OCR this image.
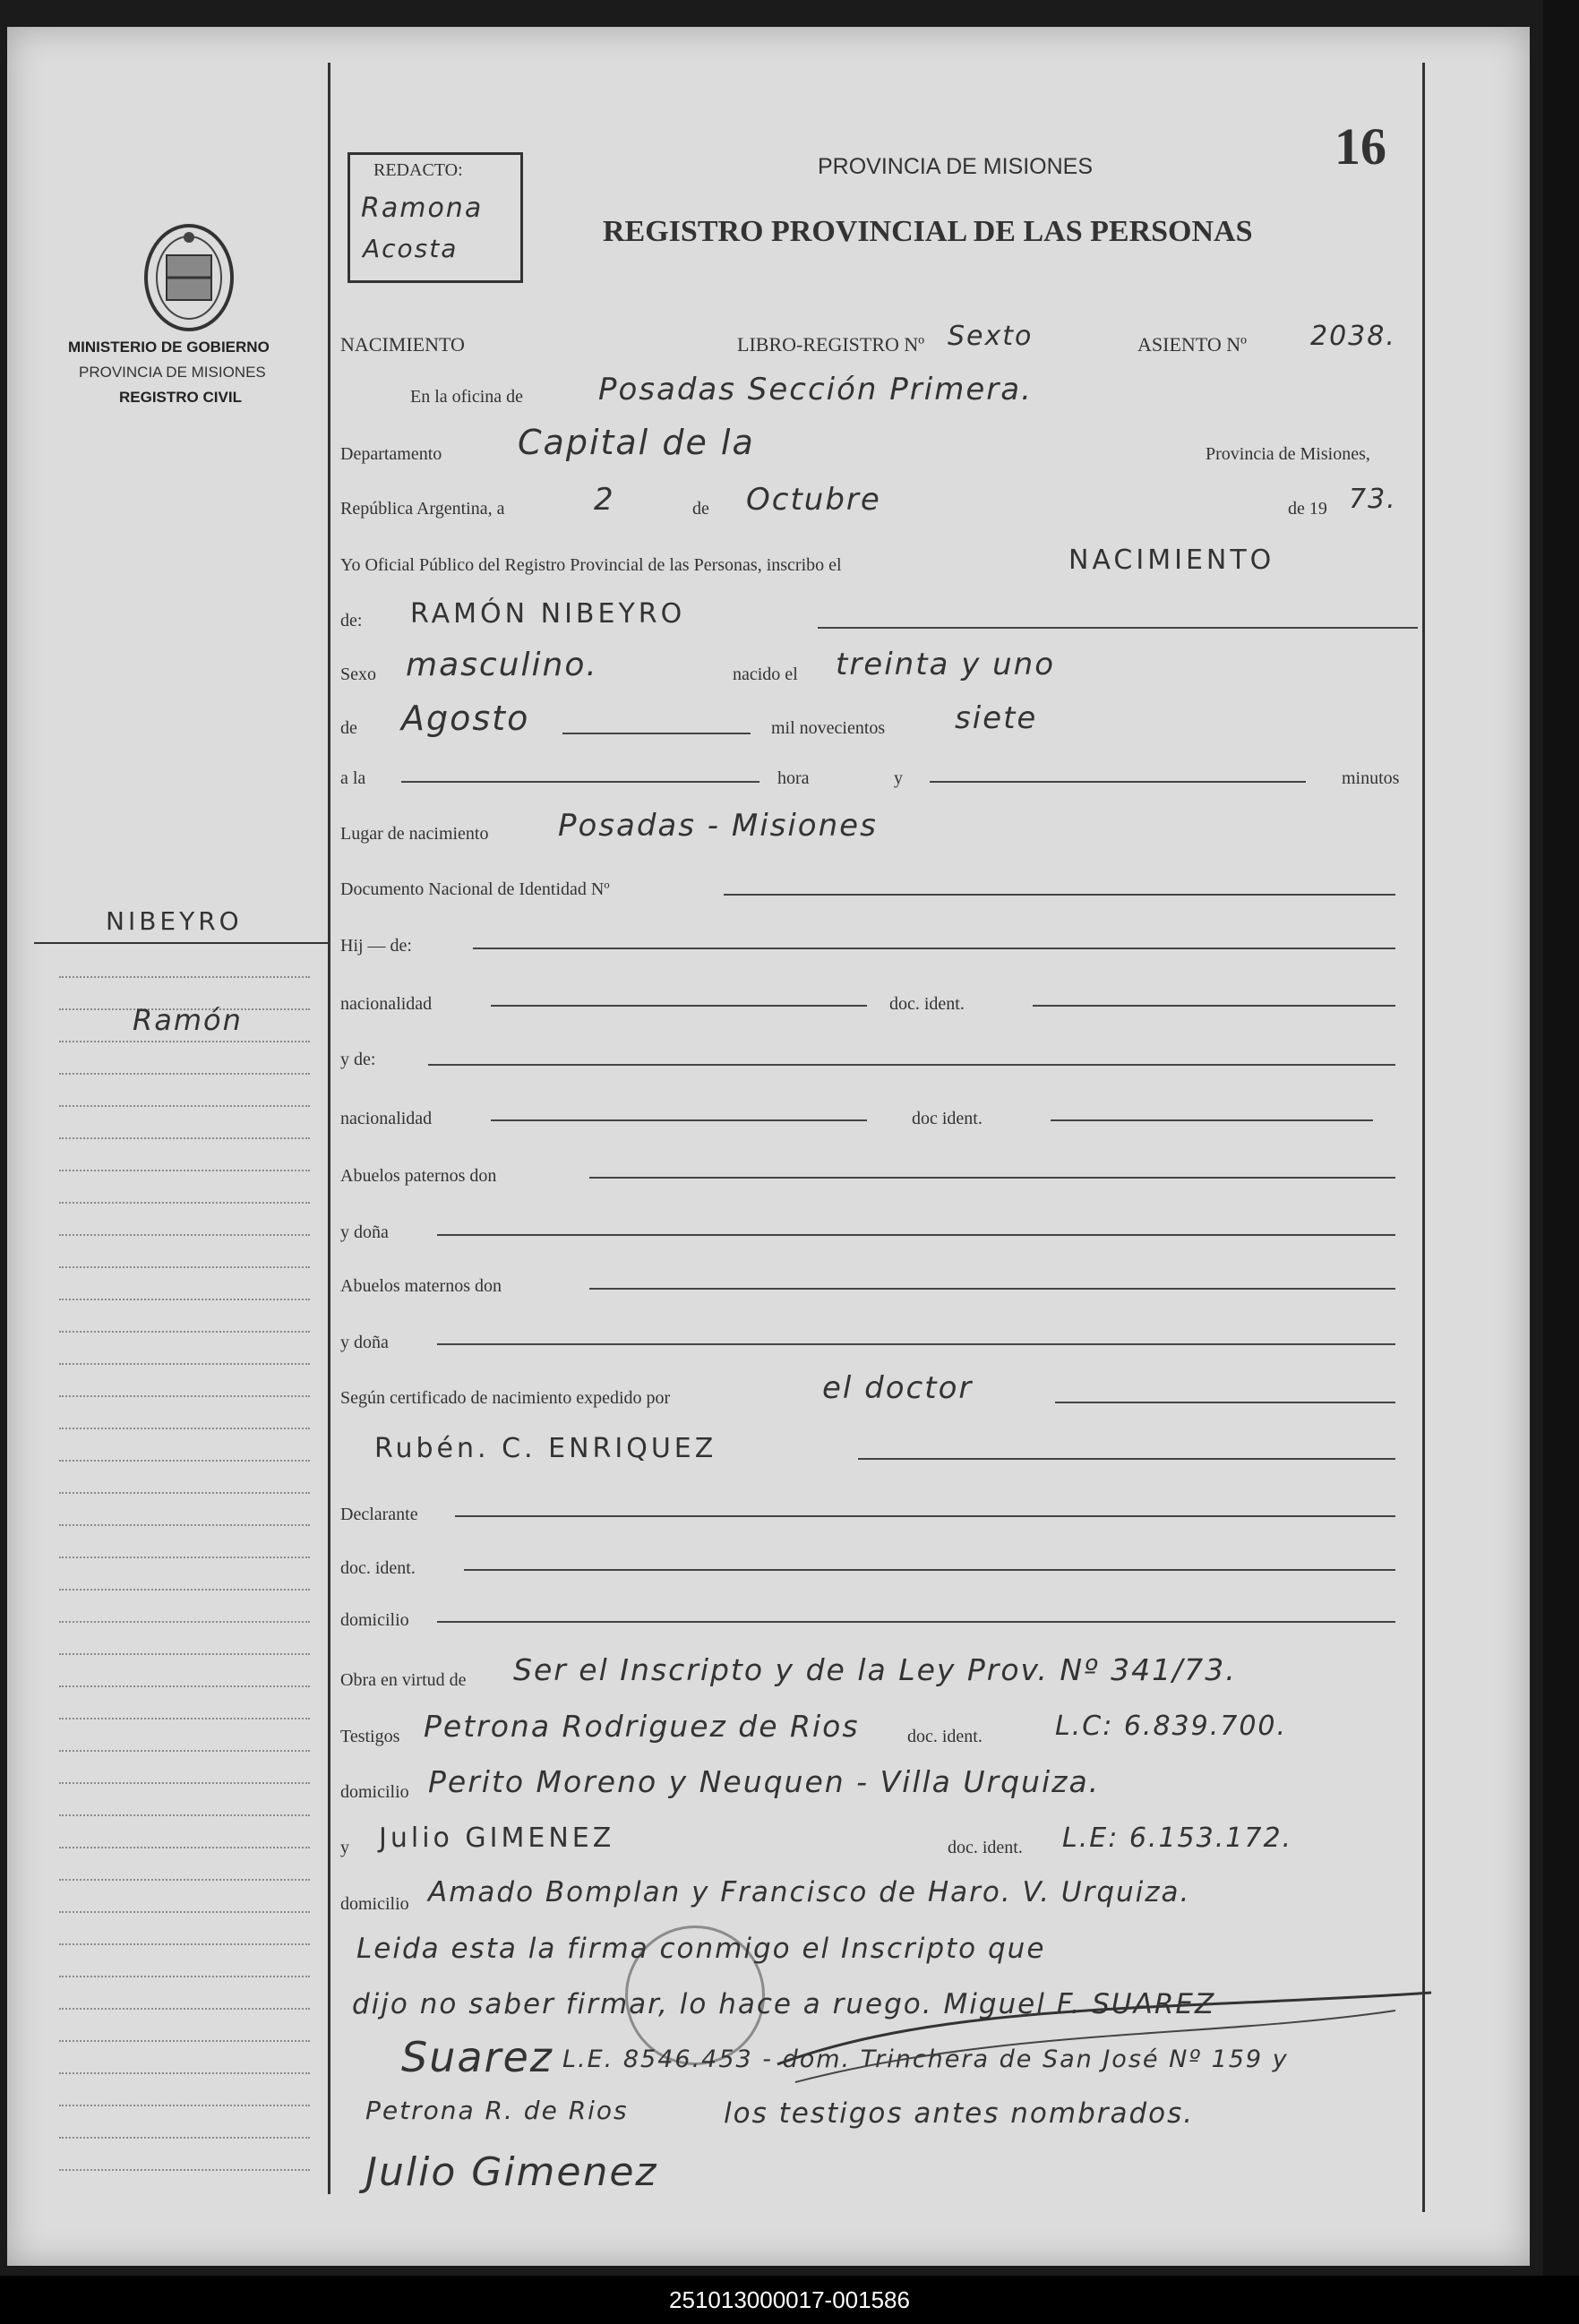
MINISTERIO DE GOBIERNO
PROVINCIA DE MISIONES
REGISTRO CIVIL
NIBEYRO
Ramón
REDACTO:
Ramona
Acosta
16
PROVINCIA DE MISIONES
REGISTRO PROVINCIAL DE LAS PERSONAS
NACIMIENTO	LIBRO-REGISTRO Nº Sexto	ASIENTO Nº 2038.
En la oficina de Posadas Sección Primera.
Departamento Capital de la	Provincia de Misiones,
República Argentina, a	2	de Octubre	de 19 73.
Yo Oficial Público del Registro Provincial de las Personas, inscribo el	NACIMIENTO
de: RAMÓN NIBEYRO
Sexo masculino.	nacido el treinta y uno
de Agosto	mil novecientos siete
a la	hora	y	minutos
Lugar de nacimiento Posadas - Misiones
Documento Nacional de Identidad Nº
Hij — de:
nacionalidad	doc. ident.
y de:
nacionalidad	doc ident.
Abuelos paternos don
y doña
Abuelos maternos don
y doña
Según certificado de nacimiento expedido por	el doctor
Rubén. C. ENRIQUEZ
Declarante
doc. ident.
domicilio
Obra en virtud de Ser el Inscripto y de la Ley Prov. Nº 341/73.
Testigos Petrona Rodriguez de Rios	doc. ident.	L.C: 6.839.700.
domicilio Perito Moreno y Neuquen - Villa Urquiza.
y Julio GIMENEZ	doc. ident. L.E: 6.153.172.
domicilio Amado Bomplan y Francisco de Haro. V. Urquiza.
Leida esta la firma conmigo el Inscripto que
dijo no saber firmar, lo hace a ruego. Miguel F. SUAREZ
L.E. 8546.453 - dom. Trinchera de San José Nº 159 y
los testigos antes nombrados.
Suarez
Petrona R. de Rios
Julio Gimenez
251013000017-001586
